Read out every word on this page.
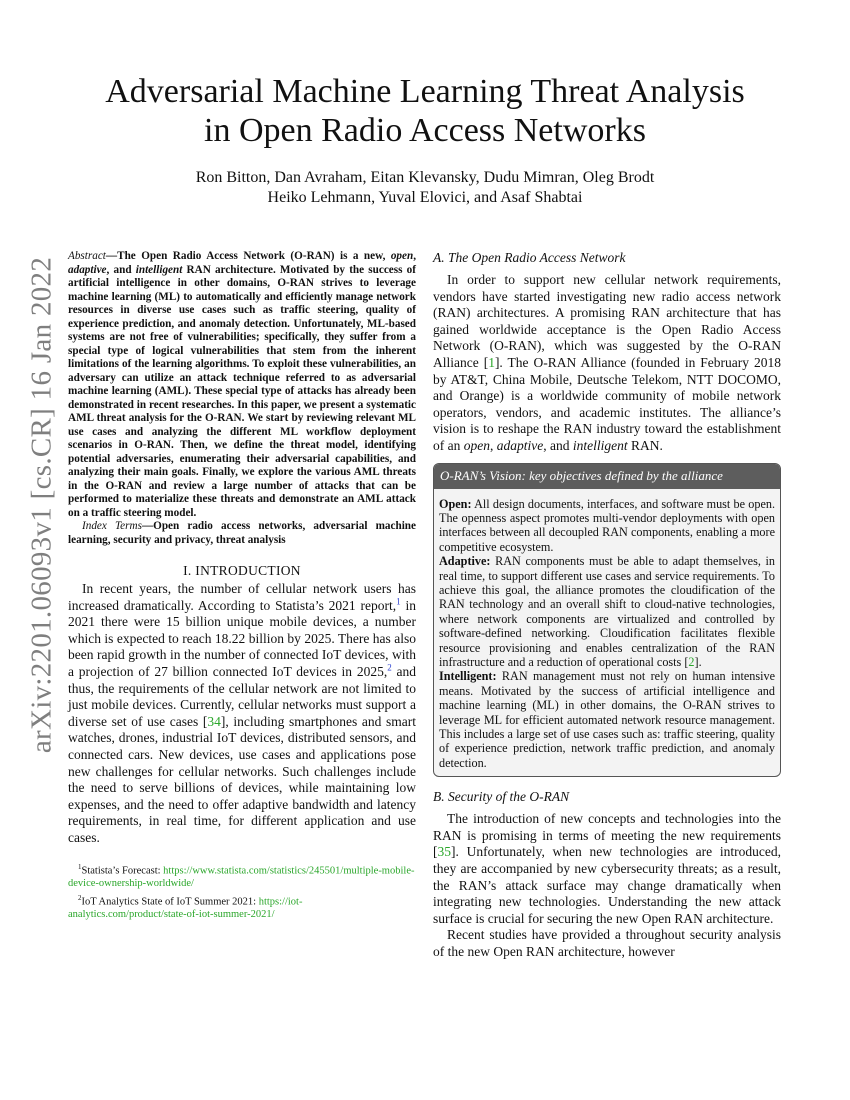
arXiv:2201.06093v1 [cs.CR] 16 Jan 2022
Adversarial Machine Learning Threat Analysis
in Open Radio Access Networks
Ron Bitton, Dan Avraham, Eitan Klevansky, Dudu Mimran, Oleg Brodt
Heiko Lehmann, Yuval Elovici, and Asaf Shabtai

Abstract—The Open Radio Access Network (O-RAN) is a new, open, adaptive, and intelligent RAN architecture. Motivated by the success of artificial intelligence in other domains, O-RAN strives to leverage machine learning (ML) to automatically and efficiently manage network resources in diverse use cases such as traffic steering, quality of experience prediction, and anomaly detection. Unfortunately, ML-based systems are not free of vulnerabilities; specifically, they suffer from a special type of logical vulnerabilities that stem from the inherent limitations of the learning algorithms. To exploit these vulnerabilities, an adversary can utilize an attack technique referred to as adversarial machine learning (AML). These special type of attacks has already been demonstrated in recent researches. In this paper, we present a systematic AML threat analysis for the O-RAN. We start by reviewing relevant ML use cases and analyzing the different ML workflow deployment scenarios in O-RAN. Then, we define the threat model, identifying potential adversaries, enumerating their adversarial capabilities, and analyzing their main goals. Finally, we explore the various AML threats in the O-RAN and review a large number of attacks that can be performed to materialize these threats and demonstrate an AML attack on a traffic steering model.

Index Terms—Open radio access networks, adversarial machine learning, security and privacy, threat analysis

I. INTRODUCTION

In recent years, the number of cellular network users has increased dramatically. According to Statista’s 2021 report,$^1$ in 2021 there were 15 billion unique mobile devices, a number which is expected to reach 18.22 billion by 2025. There has also been rapid growth in the number of connected IoT devices, with a projection of 27 billion connected IoT devices in 2025,$^2$ and thus, the requirements of the cellular network are not limited to just mobile devices. Currently, cellular networks must support a diverse set of use cases [34], including smartphones and smart watches, drones, industrial IoT devices, distributed sensors, and connected cars. New devices, use cases and applications pose new challenges for cellular networks. Such challenges include the need to serve billions of devices, while maintaining low expenses, and the need to offer adaptive bandwidth and latency requirements, in real time, for different application and use cases.

$^1$Statista’s Forecast: https://www.statista.com/statistics/245501/multiple-mobile-device-ownership-worldwide/

$^2$IoT Analytics State of IoT Summer 2021: https://iot-analytics.com/product/state-of-iot-summer-2021/

A. The Open Radio Access Network

In order to support new cellular network requirements, vendors have started investigating new radio access network (RAN) architectures. A promising RAN architecture that has gained worldwide acceptance is the Open Radio Access Network (O-RAN), which was suggested by the O-RAN Alliance [1]. The O-RAN Alliance (founded in February 2018 by AT&T, China Mobile, Deutsche Telekom, NTT DOCOMO, and Orange) is a worldwide community of mobile network operators, vendors, and academic institutes. The alliance’s vision is to reshape the RAN industry toward the establishment of an open, adaptive, and intelligent RAN.

O-RAN’s Vision: key objectives defined by the alliance

Open: All design documents, interfaces, and software must be open. The openness aspect promotes multi-vendor deployments with open interfaces between all decoupled RAN components, enabling a more competitive ecosystem.

Adaptive: RAN components must be able to adapt themselves, in real time, to support different use cases and service requirements. To achieve this goal, the alliance promotes the cloudification of the RAN technology and an overall shift to cloud-native technologies, where network components are virtualized and controlled by software-defined networking. Cloudification facilitates flexible resource provisioning and enables centralization of the RAN infrastructure and a reduction of operational costs [2].

Intelligent: RAN management must not rely on human intensive means. Motivated by the success of artificial intelligence and machine learning (ML) in other domains, the O-RAN strives to leverage ML for efficient automated network resource management. This includes a large set of use cases such as: traffic steering, quality of experience prediction, network traffic prediction, and anomaly detection.

B. Security of the O-RAN

The introduction of new concepts and technologies into the RAN is promising in terms of meeting the new requirements [35]. Unfortunately, when new technologies are introduced, they are accompanied by new cybersecurity threats; as a result, the RAN’s attack surface may change dramatically when integrating new technologies. Understanding the new attack surface is crucial for securing the new Open RAN architecture.

Recent studies have provided a throughout security analysis of the new Open RAN architecture, however
